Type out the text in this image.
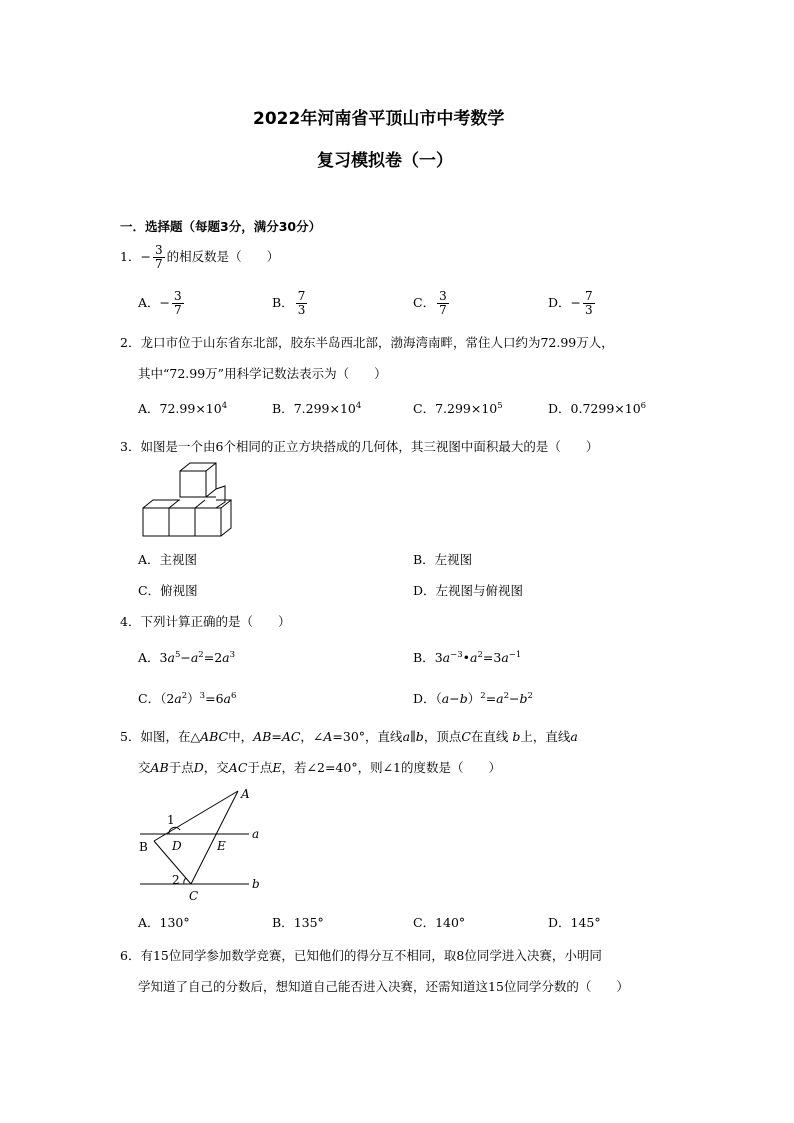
2022年河南省平顶山市中考数学
复习模拟卷（一）
一．选择题（每题3分，满分30分）
1． − $\frac{3}{7}$ 的相反数是（　　）
A． − $\frac{3}{7}$	B． $\frac{7}{3}$	C． $\frac{3}{7}$	D． − $\frac{7}{3}$
2．龙口市位于山东省东北部，胶东半岛西北部，渤海湾南畔，常住人口约为72.99万人，
其中“72.99万”用科学记数法表示为（　　）
A．$72.99\times 10^4$	B．$7.299\times 10^4$	C．$7.299\times 10^5$	D．$0.7299\times 10^6$
3．如图是一个由6个相同的正立方块搭成的几何体，其三视图中面积最大的是（　　）
A．主视图	B．左视图
C．俯视图	D．左视图与俯视图
4．下列计算正确的是（　　）
A．$3a^5-a^2=2a^3$	B．$3a^{-3}•a^2=3a^{-1}$
C．$(2a^2)^3=6a^6$	D．$(a-b)^2=a^2-b^2$
5．如图，在△ABC中，AB=AC，∠A=30°，直线a∥b，顶点C在直线 b上，直线a
交AB于点D，交AC于点E，若∠2=40°，则∠1的度数是（　　）
A
B
C
D	E
a
b
1
2
A．130°	B．135°	C．140°	D．145°
6．有15位同学参加数学竞赛，已知他们的得分互不相同，取8位同学进入决赛，小明同
学知道了自己的分数后，想知道自己能否进入决赛，还需知道这15位同学分数的（　　）
